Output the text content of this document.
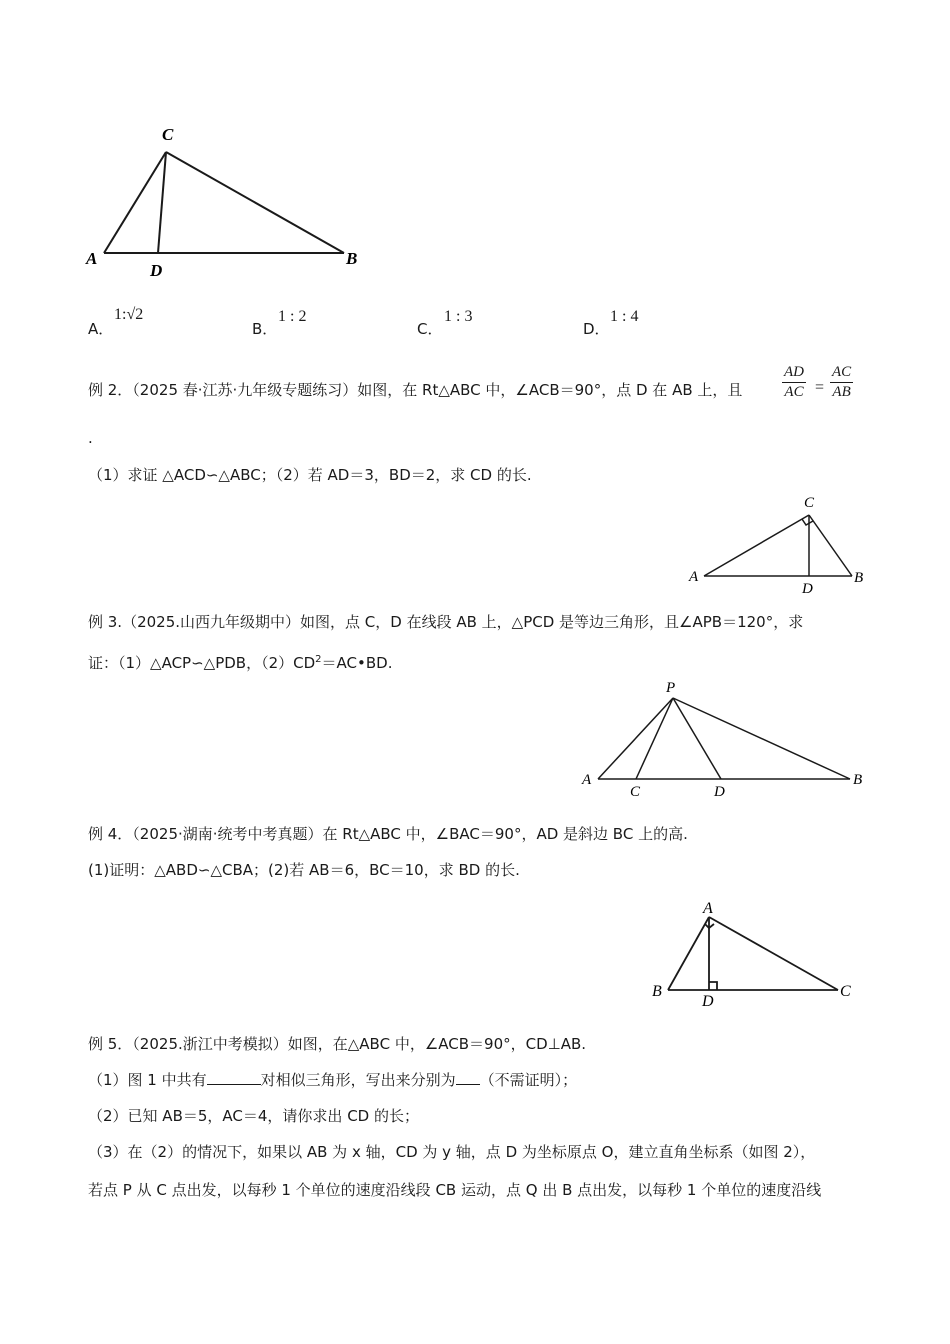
C
A
D
B
A．
1:√2
B．
1 : 2
C．
1 : 3
D．
1 : 4
例 2．（2025 春·江苏·九年级专题练习）如图，在 Rt△ABC 中，∠ACB＝90°，点 D 在 AB 上，且	$\frac{AD}{AC} = \frac{AC}{AB}$
.
（1）求证 △ACD∽△ABC；（2）若 AD＝3，BD＝2，求 CD 的长.
C
A
D
B
例 3.（2025.山西九年级期中）如图，点 C，D 在线段 AB 上，△PCD 是等边三角形，且∠APB＝120°，求
证：（1）△ACP∽△PDB，$(2)CD^2=AC•BD$.
P
A
C	D
B
例 4．（2025·湖南·统考中考真题）在 Rt△ABC 中，∠BAC＝90°，AD 是斜边 BC 上的高.
(1)证明：△ABD∽△CBA；(2)若 AB＝6，BC＝10，求 BD 的长.
A
B
D
C
例 5．（2025.浙江中考模拟）如图，在△ABC 中，∠ACB＝90°，CD⊥AB.
（1）图 1 中共有	对相似三角形，写出来分别为 （不需证明）；
（2）已知 AB＝5，AC＝4，请你求出 CD 的长；
（3）在（2）的情况下，如果以 AB 为 x 轴，CD 为 y 轴，点 D 为坐标原点 O，建立直角坐标系（如图 2），
若点 P 从 C 点出发，以每秒 1 个单位的速度沿线段 CB 运动，点 Q 出 B 点出发，以每秒 1 个单位的速度沿线
